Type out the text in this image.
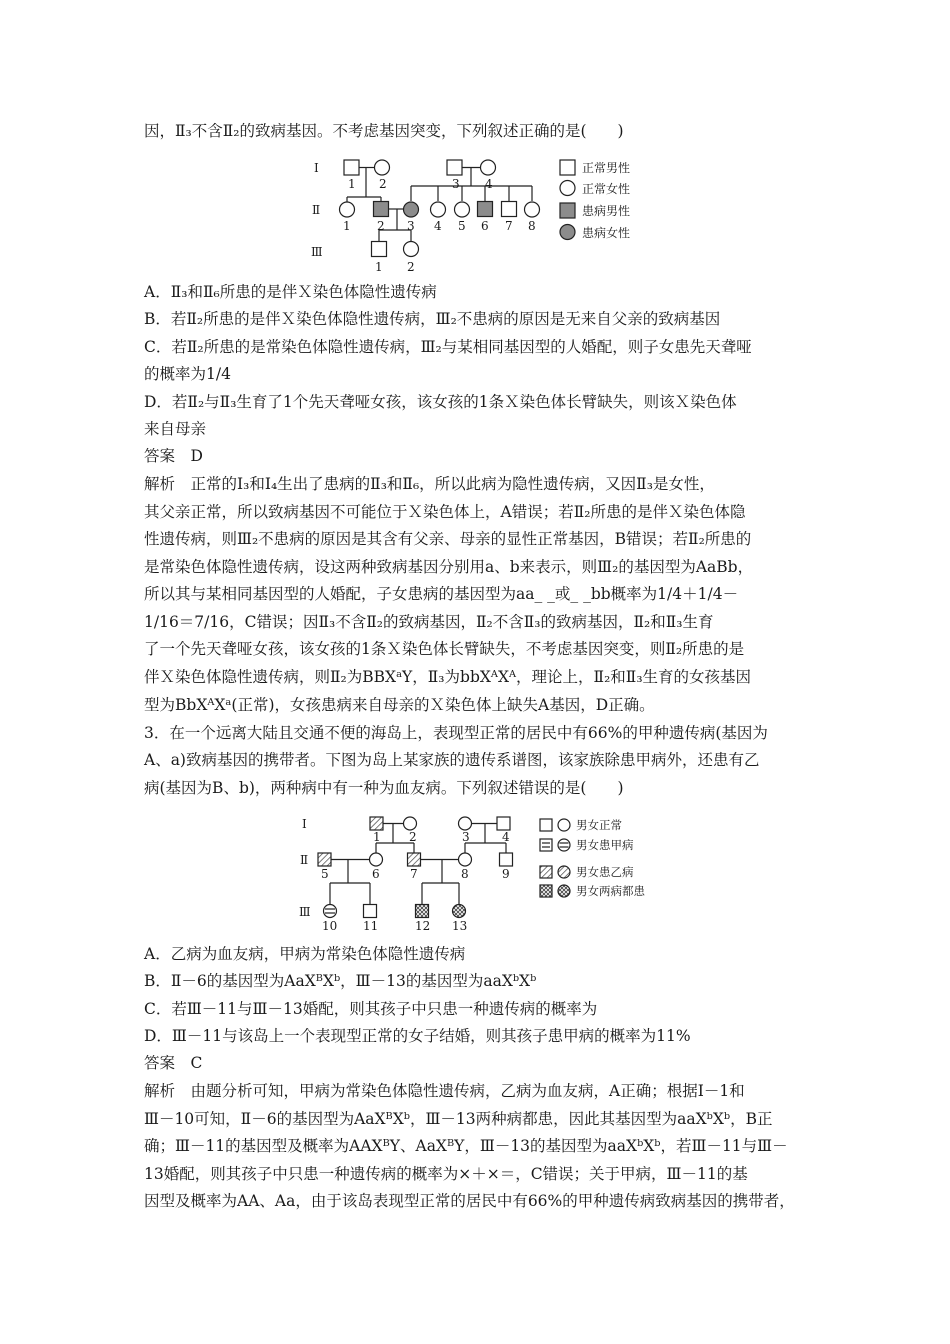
因，Ⅱ₃不含Ⅱ₂的致病基因。不考虑基因突变，下列叙述正确的是(　　)
Ⅰ
Ⅱ
Ⅲ
1 2	3 4
1 2 3 4 5 6 7 8
1 2
正常男性
正常女性
患病男性
患病女性
A．Ⅱ₃和Ⅱ₆所患的是伴Ｘ染色体隐性遗传病
B．若Ⅱ₂所患的是伴Ｘ染色体隐性遗传病，Ⅲ₂不患病的原因是无来自父亲的致病基因
C．若Ⅱ₂所患的是常染色体隐性遗传病，Ⅲ₂与某相同基因型的人婚配，则子女患先天聋哑
的概率为1/4
D．若Ⅱ₂与Ⅱ₃生育了1个先天聋哑女孩，该女孩的1条Ｘ染色体长臂缺失，则该Ｘ染色体
来自母亲
答案　D
解析　正常的Ⅰ₃和Ⅰ₄生出了患病的Ⅱ₃和Ⅱ₆，所以此病为隐性遗传病，又因Ⅱ₃是女性，
其父亲正常，所以致病基因不可能位于Ｘ染色体上，A错误；若Ⅱ₂所患的是伴Ｘ染色体隐
性遗传病，则Ⅲ₂不患病的原因是其含有父亲、母亲的显性正常基因，B错误；若Ⅱ₂所患的
是常染色体隐性遗传病，设这两种致病基因分别用a、b来表示，则Ⅲ₂的基因型为AaBb，
所以其与某相同基因型的人婚配，子女患病的基因型为aa_ _或_ _bb概率为1/4＋1/4－
1/16＝7/16，C错误；因Ⅱ₃不含Ⅱ₂的致病基因，Ⅱ₂不含Ⅱ₃的致病基因，Ⅱ₂和Ⅱ₃生育
了一个先天聋哑女孩，该女孩的1条Ｘ染色体长臂缺失，不考虑基因突变，则Ⅱ₂所患的是
伴Ｘ染色体隐性遗传病，则Ⅱ₂为BBXᵃY，Ⅱ₃为bbXᴬXᴬ，理论上，Ⅱ₂和Ⅱ₃生育的女孩基因
型为BbXᴬXᵃ(正常)，女孩患病来自母亲的Ｘ染色体上缺失A基因，D正确。
3．在一个远离大陆且交通不便的海岛上，表现型正常的居民中有66%的甲种遗传病(基因为
A、a)致病基因的携带者。下图为岛上某家族的遗传系谱图，该家族除患甲病外，还患有乙
病(基因为B、b)，两种病中有一种为血友病。下列叙述错误的是(　　)
Ⅰ
Ⅱ
Ⅲ
1 2	3	4
5	6	7	8	9
10 11	12 13
男女正常
男女患甲病
男女患乙病
男女两病都患
A．乙病为血友病，甲病为常染色体隐性遗传病
B．Ⅱ－6的基因型为AaXᴮXᵇ，Ⅲ－13的基因型为aaXᵇXᵇ
C．若Ⅲ－11与Ⅲ－13婚配，则其孩子中只患一种遗传病的概率为
D．Ⅲ－11与该岛上一个表现型正常的女子结婚，则其孩子患甲病的概率为11%
答案　C
解析　由题分析可知，甲病为常染色体隐性遗传病，乙病为血友病，A正确；根据Ⅰ－1和
Ⅲ－10可知，Ⅱ－6的基因型为AaXᴮXᵇ，Ⅲ－13两种病都患，因此其基因型为aaXᵇXᵇ，B正
确；Ⅲ－11的基因型及概率为AAXᴮY、AaXᴮY，Ⅲ－13的基因型为aaXᵇXᵇ，若Ⅲ－11与Ⅲ－
13婚配，则其孩子中只患一种遗传病的概率为×＋×＝，C错误；关于甲病，Ⅲ－11的基
因型及概率为AA、Aa，由于该岛表现型正常的居民中有66%的甲种遗传病致病基因的携带者，
